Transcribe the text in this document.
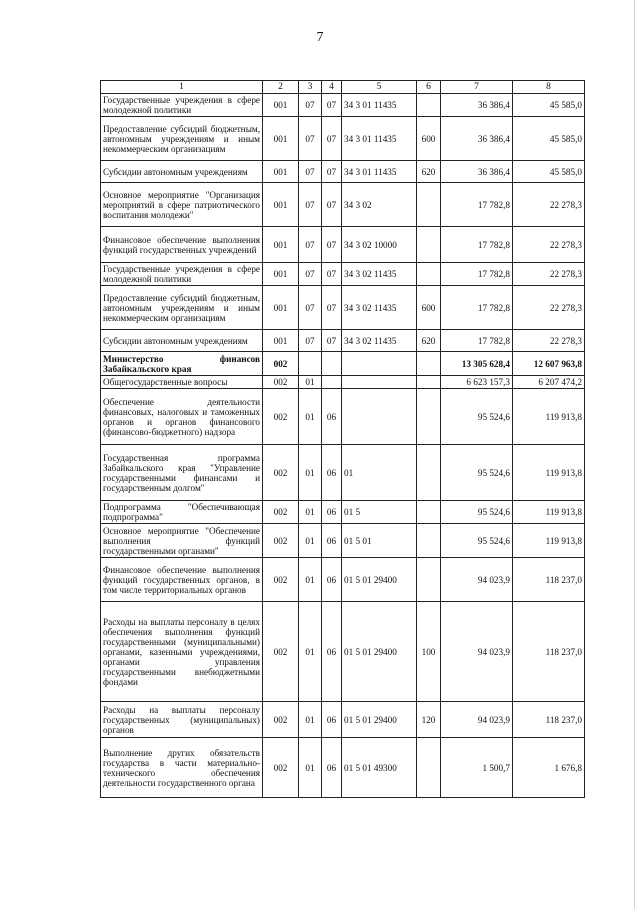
7
1	2	3	4	5	6	7	8
Государственные учреждения в сфере молодежной политики	001	07	07	34 3 01 11435		36 386,4	45 585,0
Предоставление субсидий бюджетным, автономным учреждениям и иным некоммерческим организациям	001	07	07	34 3 01 11435	600	36 386,4	45 585,0
Субсидии автономным учреждениям	001	07	07	34 3 01 11435	620	36 386,4	45 585,0
Основное мероприятие "Организация мероприятий в сфере патриотического воспитания молодежи"	001	07	07	34 3 02		17 782,8	22 278,3
Финансовое обеспечение выполнения функций государственных учреждений	001	07	07	34 3 02 10000		17 782,8	22 278,3
Государственные учреждения в сфере молодежной политики	001	07	07	34 3 02 11435		17 782,8	22 278,3
Предоставление субсидий бюджетным, автономным учреждениям и иным некоммерческим организациям	001	07	07	34 3 02 11435	600	17 782,8	22 278,3
Субсидии автономным учреждениям	001	07	07	34 3 02 11435	620	17 782,8	22 278,3
Министерство финансов Забайкальского края	002					13 305 628,4	12 607 963,8
Общегосударственные вопросы	002	01				6 623 157,3	6 207 474,2
Обеспечение деятельности финансовых, налоговых и таможенных органов и органов финансового (финансово-бюджетного) надзора	002	01	06			95 524,6	119 913,8
Государственная программа Забайкальского края "Управление государственными финансами и государственным долгом"	002	01	06	01		95 524,6	119 913,8
Подпрограмма "Обеспечивающая подпрограмма"	002	01	06	01 5		95 524,6	119 913,8
Основное мероприятие "Обеспечение выполнения функций государственными органами"	002	01	06	01 5 01		95 524,6	119 913,8
Финансовое обеспечение выполнения функций государственных органов, в том числе территориальных органов	002	01	06	01 5 01 29400		94 023,9	118 237,0
Расходы на выплаты персоналу в целях обеспечения выполнения функций государственными (муниципальными) органами, казенными учреждениями, органами управления государственными внебюджетными фондами	002	01	06	01 5 01 29400	100	94 023,9	118 237,0
Расходы на выплаты персоналу государственных (муниципальных) органов	002	01	06	01 5 01 29400	120	94 023,9	118 237,0
Выполнение других обязательств государства в части материально-технического обеспечения деятельности государственного органа	002	01	06	01 5 01 49300		1 500,7	1 676,8
